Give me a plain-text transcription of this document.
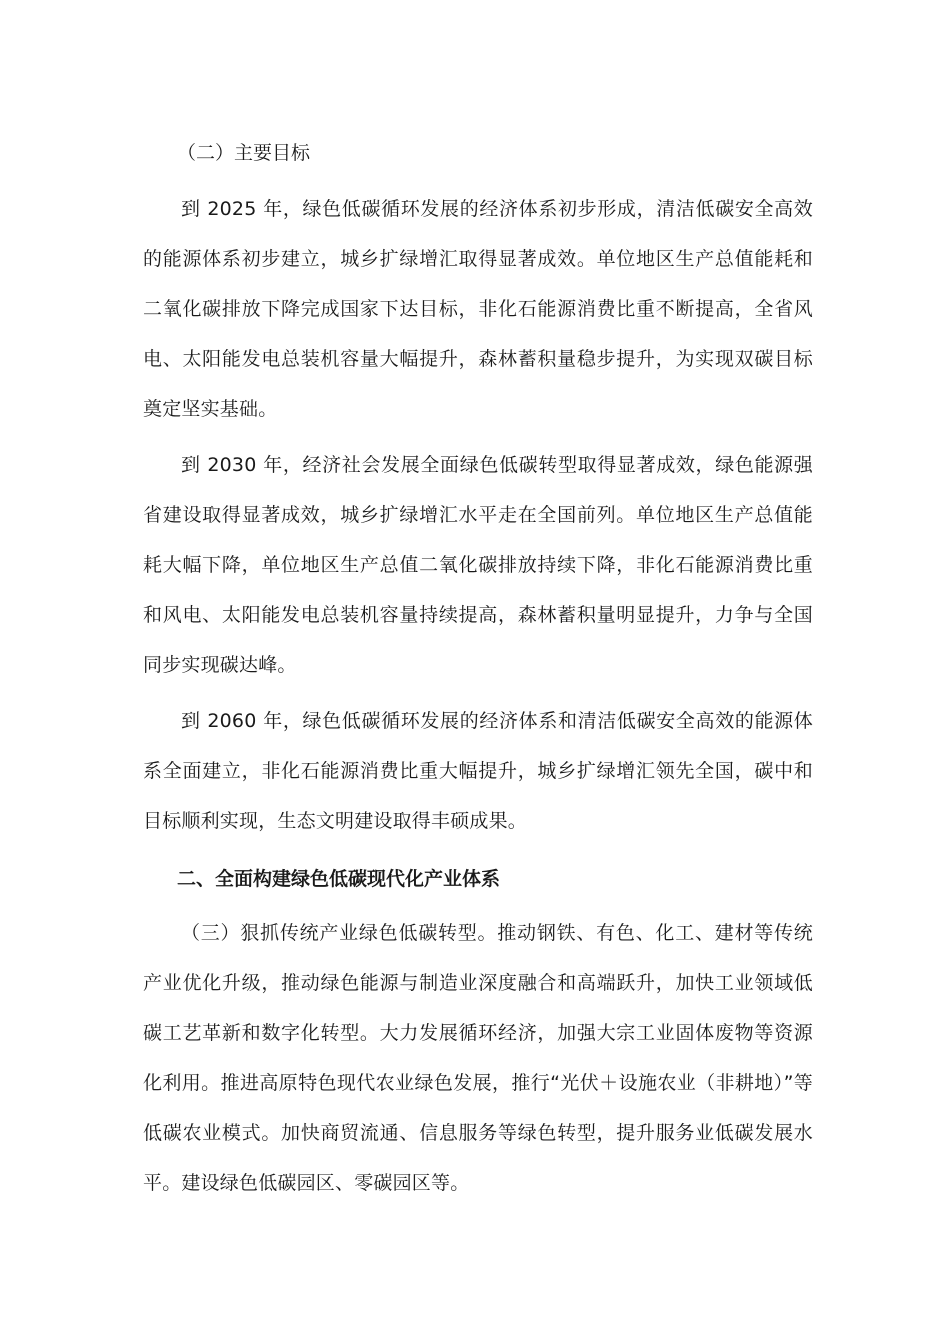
（二）主要目标

到 2025 年，绿色低碳循环发展的经济体系初步形成，清洁低碳安全高效的能源体系初步建立，城乡扩绿增汇取得显著成效。单位地区生产总值能耗和二氧化碳排放下降完成国家下达目标，非化石能源消费比重不断提高，全省风电、太阳能发电总装机容量大幅提升，森林蓄积量稳步提升，为实现双碳目标奠定坚实基础。

到 2030 年，经济社会发展全面绿色低碳转型取得显著成效，绿色能源强省建设取得显著成效，城乡扩绿增汇水平走在全国前列。单位地区生产总值能耗大幅下降，单位地区生产总值二氧化碳排放持续下降，非化石能源消费比重和风电、太阳能发电总装机容量持续提高，森林蓄积量明显提升，力争与全国同步实现碳达峰。

到 2060 年，绿色低碳循环发展的经济体系和清洁低碳安全高效的能源体系全面建立，非化石能源消费比重大幅提升，城乡扩绿增汇领先全国，碳中和目标顺利实现，生态文明建设取得丰硕成果。

二、全面构建绿色低碳现代化产业体系

（三）狠抓传统产业绿色低碳转型。推动钢铁、有色、化工、建材等传统产业优化升级，推动绿色能源与制造业深度融合和高端跃升，加快工业领域低碳工艺革新和数字化转型。大力发展循环经济，加强大宗工业固体废物等资源化利用。推进高原特色现代农业绿色发展，推行“光伏＋设施农业（非耕地）”等低碳农业模式。加快商贸流通、信息服务等绿色转型，提升服务业低碳发展水平。建设绿色低碳园区、零碳园区等。
